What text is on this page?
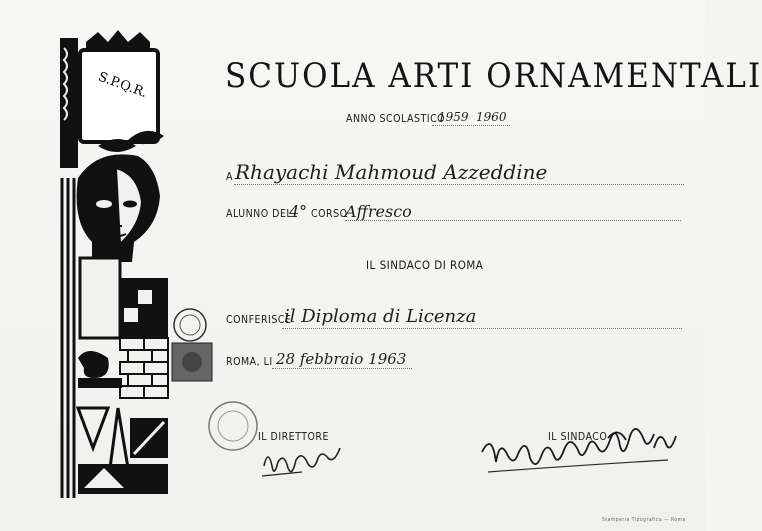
S.P.Q.R. SCUOLA ARTI ORNAMENTALI
ANNO SCOLASTICO
1959 1960
A Rhayachi Mahmoud Azzeddine
ALUNNO DEL
4° CORSO
Affresco
IL SINDACO DI ROMA
CONFERISCE
il Diploma di Licenza
ROMA, LI 28 febbraio 1963
IL DIRETTORE	IL SINDACO
Stamperia Tipografica — Roma
